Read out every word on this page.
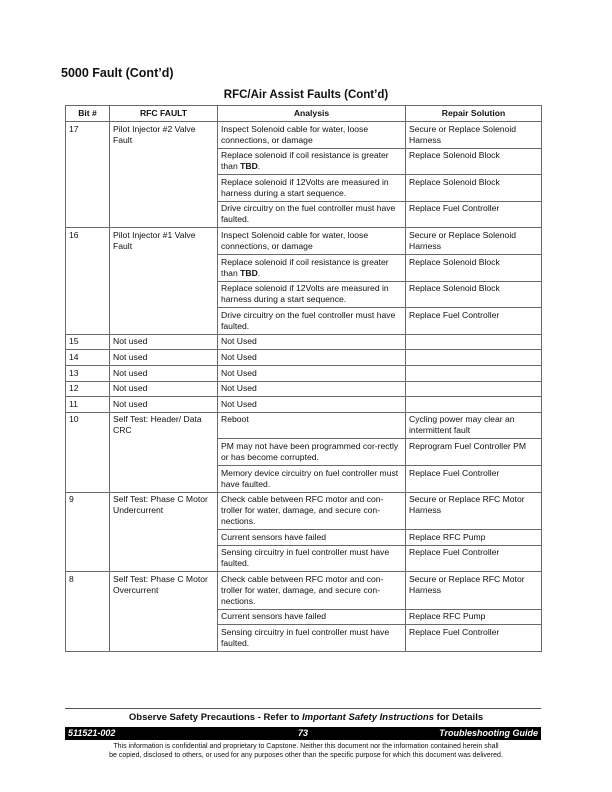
5000 Fault (Cont’d)
RFC/Air Assist Faults (Cont’d)
Bit #	RFC FAULT	Analysis	Repair Solution
17	Pilot Injector #2 Valve Fault	Inspect Solenoid cable for water, loose connections, or damage	Secure or Replace Solenoid Harness
		Replace solenoid if coil resistance is greater than TBD.	Replace Solenoid Block
		Replace solenoid if 12Volts are measured in harness during a start sequence.	Replace Solenoid Block
		Drive circuitry on the fuel controller must have faulted.	Replace Fuel Controller
16	Pilot Injector #1 Valve Fault	Inspect Solenoid cable for water, loose connections, or damage	Secure or Replace Solenoid Harness
		Replace solenoid if coil resistance is greater than TBD.	Replace Solenoid Block
		Replace solenoid if 12Volts are measured in harness during a start sequence.	Replace Solenoid Block
		Drive circuitry on the fuel controller must have faulted.	Replace Fuel Controller
15	Not used	Not Used	
14	Not used	Not Used	
13	Not used	Not Used	
12	Not used	Not Used	
11	Not used	Not Used	
10	Self Test: Header/ Data CRC	Reboot	Cycling power may clear an intermittent fault
		PM may not have been programmed cor-rectly or has become corrupted.	Reprogram Fuel Controller PM
		Memory device circuitry on fuel controller must have faulted.	Replace Fuel Controller
9	Self Test: Phase C Motor Undercurrent	Check cable between RFC motor and con-troller for water, damage, and secure con-nections.	Secure or Replace RFC Motor Harness
		Current sensors have failed	Replace RFC Pump
		Sensing circuitry in fuel controller must have faulted.	Replace Fuel Controller
8	Self Test: Phase C Motor Overcurrent	Check cable between RFC motor and con-troller for water, damage, and secure con-nections.	Secure or Replace RFC Motor Harness
		Current sensors have failed	Replace RFC Pump
		Sensing circuitry in fuel controller must have faulted.	Replace Fuel Controller
Observe Safety Precautions - Refer to Important Safety Instructions for Details
73
511521-002	Troubleshooting Guide
This information is confidential and proprietary to Capstone. Neither this document nor the information contained herein shall
be copied, disclosed to others, or used for any purposes other than the specific purpose for which this document was delivered.
